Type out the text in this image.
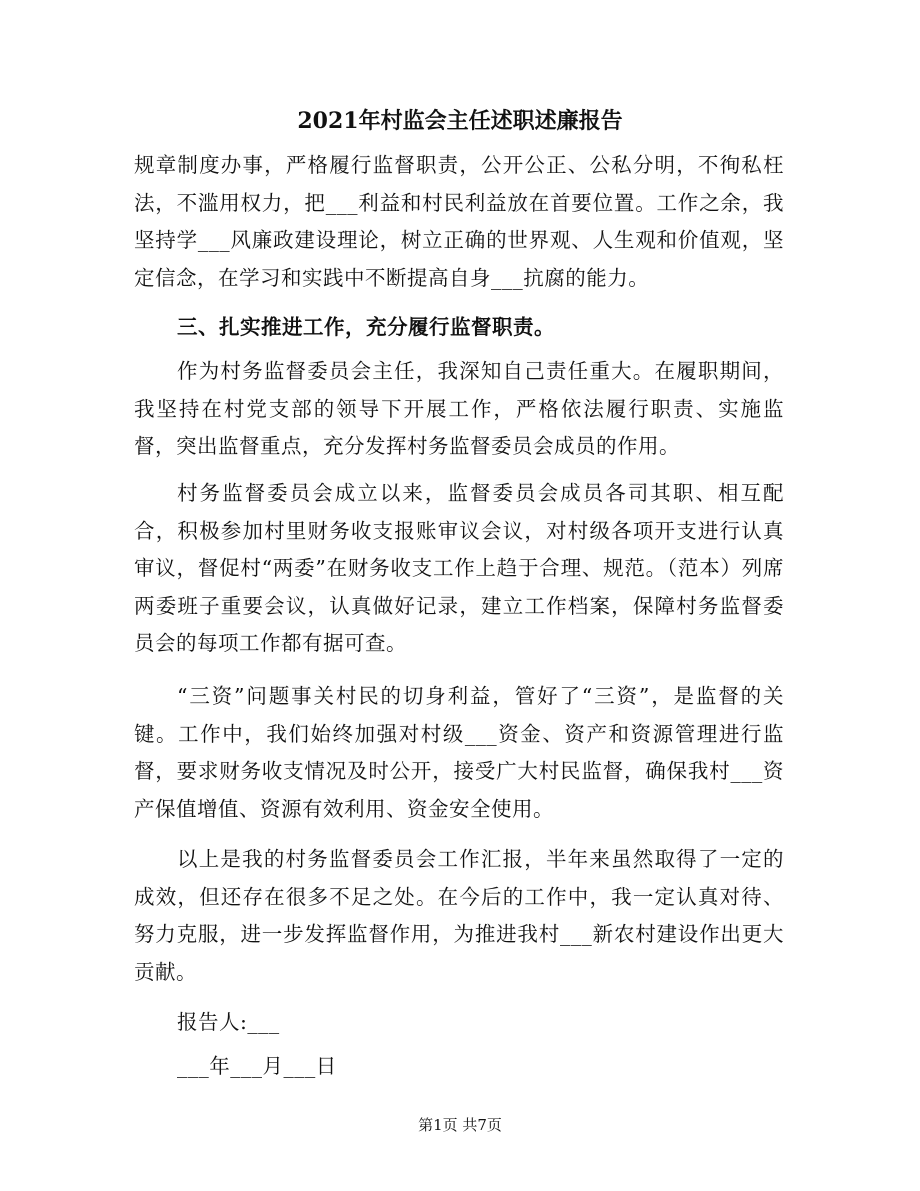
2021年村监会主任述职述廉报告

规章制度办事，严格履行监督职责，公开公正、公私分明，不徇私枉法，不滥用权力，把___利益和村民利益放在首要位置。工作之余，我坚持学___风廉政建设理论，树立正确的世界观、人生观和价值观，坚定信念，在学习和实践中不断提高自身___抗腐的能力。

三、扎实推进工作，充分履行监督职责。

作为村务监督委员会主任，我深知自己责任重大。在履职期间，我坚持在村党支部的领导下开展工作，严格依法履行职责、实施监督，突出监督重点，充分发挥村务监督委员会成员的作用。

村务监督委员会成立以来，监督委员会成员各司其职、相互配合，积极参加村里财务收支报账审议会议，对村级各项开支进行认真审议，督促村“两委”在财务收支工作上趋于合理、规范。（范本）列席两委班子重要会议，认真做好记录，建立工作档案，保障村务监督委员会的每项工作都有据可查。

“三资”问题事关村民的切身利益，管好了“三资”，是监督的关键。工作中，我们始终加强对村级___资金、资产和资源管理进行监督，要求财务收支情况及时公开，接受广大村民监督，确保我村___资产保值增值、资源有效利用、资金安全使用。

以上是我的村务监督委员会工作汇报，半年来虽然取得了一定的成效，但还存在很多不足之处。在今后的工作中，我一定认真对待、努力克服，进一步发挥监督作用，为推进我村___新农村建设作出更大贡献。

报告人:___
___年___月___日
第1页 共7页
